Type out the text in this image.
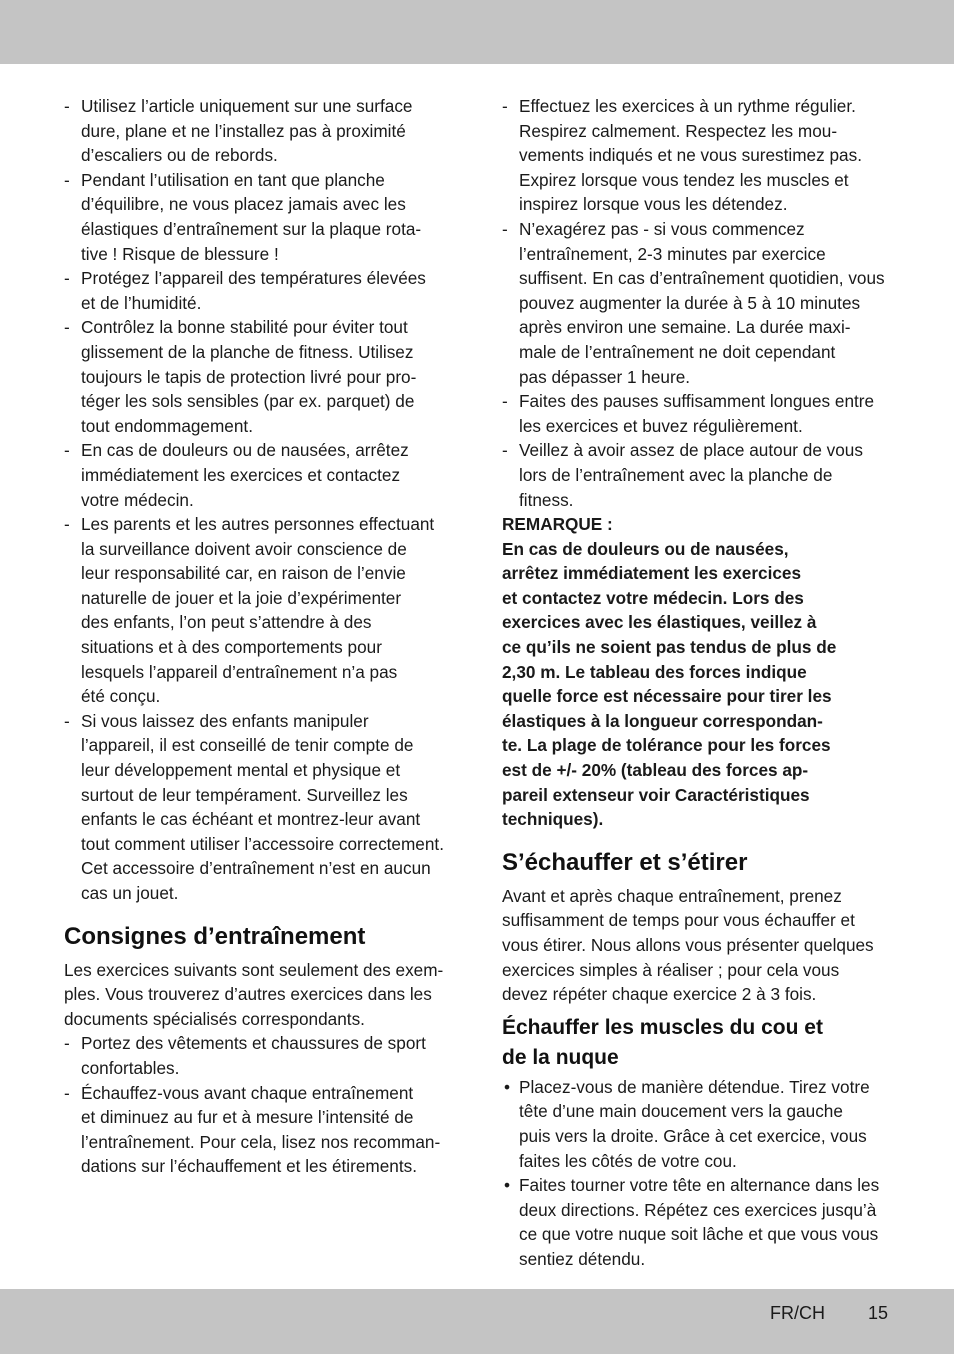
- Utilisez l’article uniquement sur une surface
dure, plane et ne l’installez pas à proximité
d’escaliers ou de rebords.
- Pendant l’utilisation en tant que planche
d’équilibre, ne vous placez jamais avec les
élastiques d’entraînement sur la plaque rota-
tive ! Risque de blessure !
- Protégez l’appareil des températures élevées
et de l’humidité.
- Contrôlez la bonne stabilité pour éviter tout
glissement de la planche de fitness. Utilisez
toujours le tapis de protection livré pour pro-
téger les sols sensibles (par ex. parquet) de
tout endommagement.
- En cas de douleurs ou de nausées, arrêtez
immédiatement les exercices et contactez
votre médecin.
- Les parents et les autres personnes effectuant
la surveillance doivent avoir conscience de
leur responsabilité car, en raison de l’envie
naturelle de jouer et la joie d’expérimenter
des enfants, l’on peut s’attendre à des
situations et à des comportements pour
lesquels l’appareil d’entraînement n’a pas
été conçu.
- Si vous laissez des enfants manipuler
l’appareil, il est conseillé de tenir compte de
leur développement mental et physique et
surtout de leur tempérament. Surveillez les
enfants le cas échéant et montrez-leur avant
tout comment utiliser l’accessoire correctement.
Cet accessoire d’entraînement n’est en aucun
cas un jouet.
Consignes d’entraînement

Les exercices suivants sont seulement des exem-
ples. Vous trouverez d’autres exercices dans les
documents spécialisés correspondants.

- Portez des vêtements et chaussures de sport
confortables.
- Échauffez-vous avant chaque entraînement
et diminuez au fur et à mesure l’intensité de
l’entraînement. Pour cela, lisez nos recomman-
dations sur l’échauffement et les étirements.
- Effectuez les exercices à un rythme régulier.
Respirez calmement. Respectez les mou-
vements indiqués et ne vous surestimez pas.
Expirez lorsque vous tendez les muscles et
inspirez lorsque vous les détendez.
- N’exagérez pas - si vous commencez
l’entraînement, 2-3 minutes par exercice
suffisent. En cas d’entraînement quotidien, vous
pouvez augmenter la durée à 5 à 10 minutes
après environ une semaine. La durée maxi-
male de l’entraînement ne doit cependant
pas dépasser 1 heure.
- Faites des pauses suffisamment longues entre
les exercices et buvez régulièrement.
- Veillez à avoir assez de place autour de vous
lors de l’entraînement avec la planche de
fitness.

REMARQUE :
En cas de douleurs ou de nausées,
arrêtez immédiatement les exercices
et contactez votre médecin. Lors des
exercices avec les élastiques, veillez à
ce qu’ils ne soient pas tendus de plus de
2,30 m. Le tableau des forces indique
quelle force est nécessaire pour tirer les
élastiques à la longueur correspondan-
te. La plage de tolérance pour les forces
est de +/- 20% (tableau des forces ap-
pareil extenseur voir Caractéristiques
techniques).

S’échauffer et s’étirer

Avant et après chaque entraînement, prenez
suffisamment de temps pour vous échauffer et
vous étirer. Nous allons vous présenter quelques
exercices simples à réaliser ; pour cela vous
devez répéter chaque exercice 2 à 3 fois.

Échauffer les muscles du cou et
de la nuque
• Placez-vous de manière détendue. Tirez votre
tête d’une main doucement vers la gauche
puis vers la droite. Grâce à cet exercice, vous
faites les côtés de votre cou.
• Faites tourner votre tête en alternance dans les
deux directions. Répétez ces exercices jusqu’à
ce que votre nuque soit lâche et que vous vous
sentiez détendu.
FR/CH 15
